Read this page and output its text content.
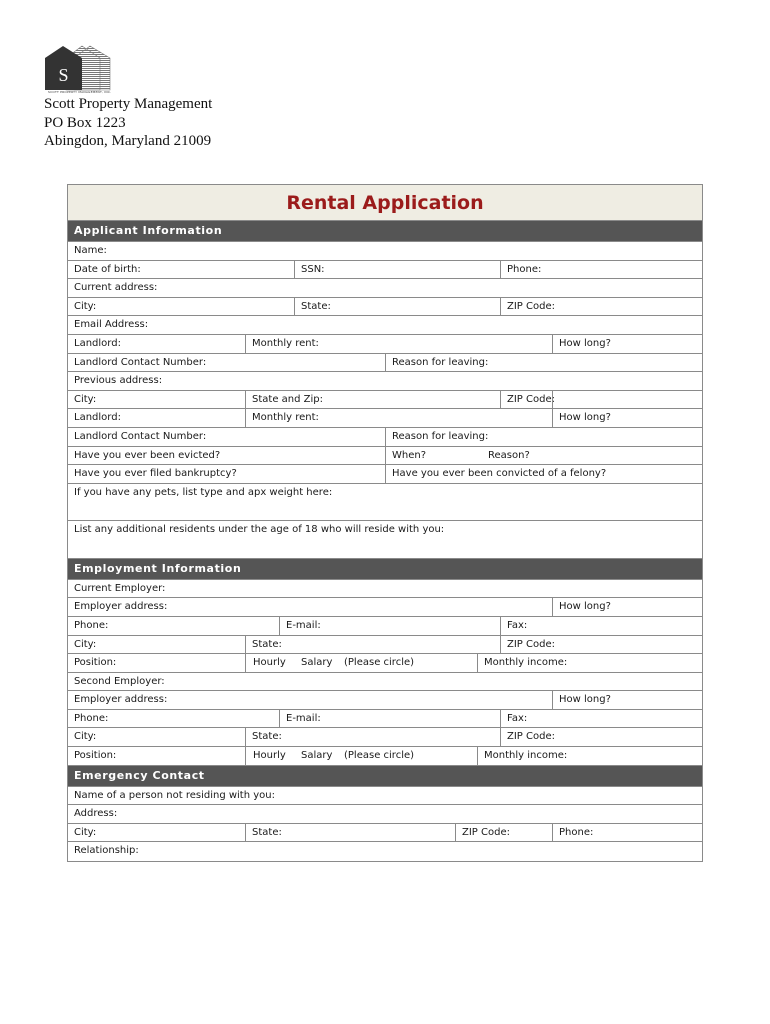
S
SCOTT PROPERTY MANAGEMENT, INC.
Scott Property Management
PO Box 1223
Abingdon, Maryland 21009
Rental Application
Applicant Information
Name:
Date of birth:	SSN:	Phone:
Current address:
City:	State:	ZIP Code:
Email Address:
Landlord:	Monthly rent:	How long?
Landlord Contact Number:	Reason for leaving:
Previous address:
City:	State and Zip:	ZIP Code:
Landlord:	Monthly rent:	How long?
Landlord Contact Number:	Reason for leaving:
Have you ever been evicted?	When?	Reason?
Have you ever filed bankruptcy?	Have you ever been convicted of a felony?
If you have any pets, list type and apx weight here:
List any additional residents under the age of 18 who will reside with you:
Employment Information
Current Employer:
Employer address:	How long?
Phone:	E-mail:	Fax:
City:	State:	ZIP Code:
Position:	Hourly Salary (Please circle)	Monthly income:
Second Employer:
Employer address:	How long?
Phone:	E-mail:	Fax:
City:	State:	ZIP Code:
Position:	Hourly Salary (Please circle)	Monthly income:
Emergency Contact
Name of a person not residing with you:
Address:
City:	State:	ZIP Code:	Phone:
Relationship:
